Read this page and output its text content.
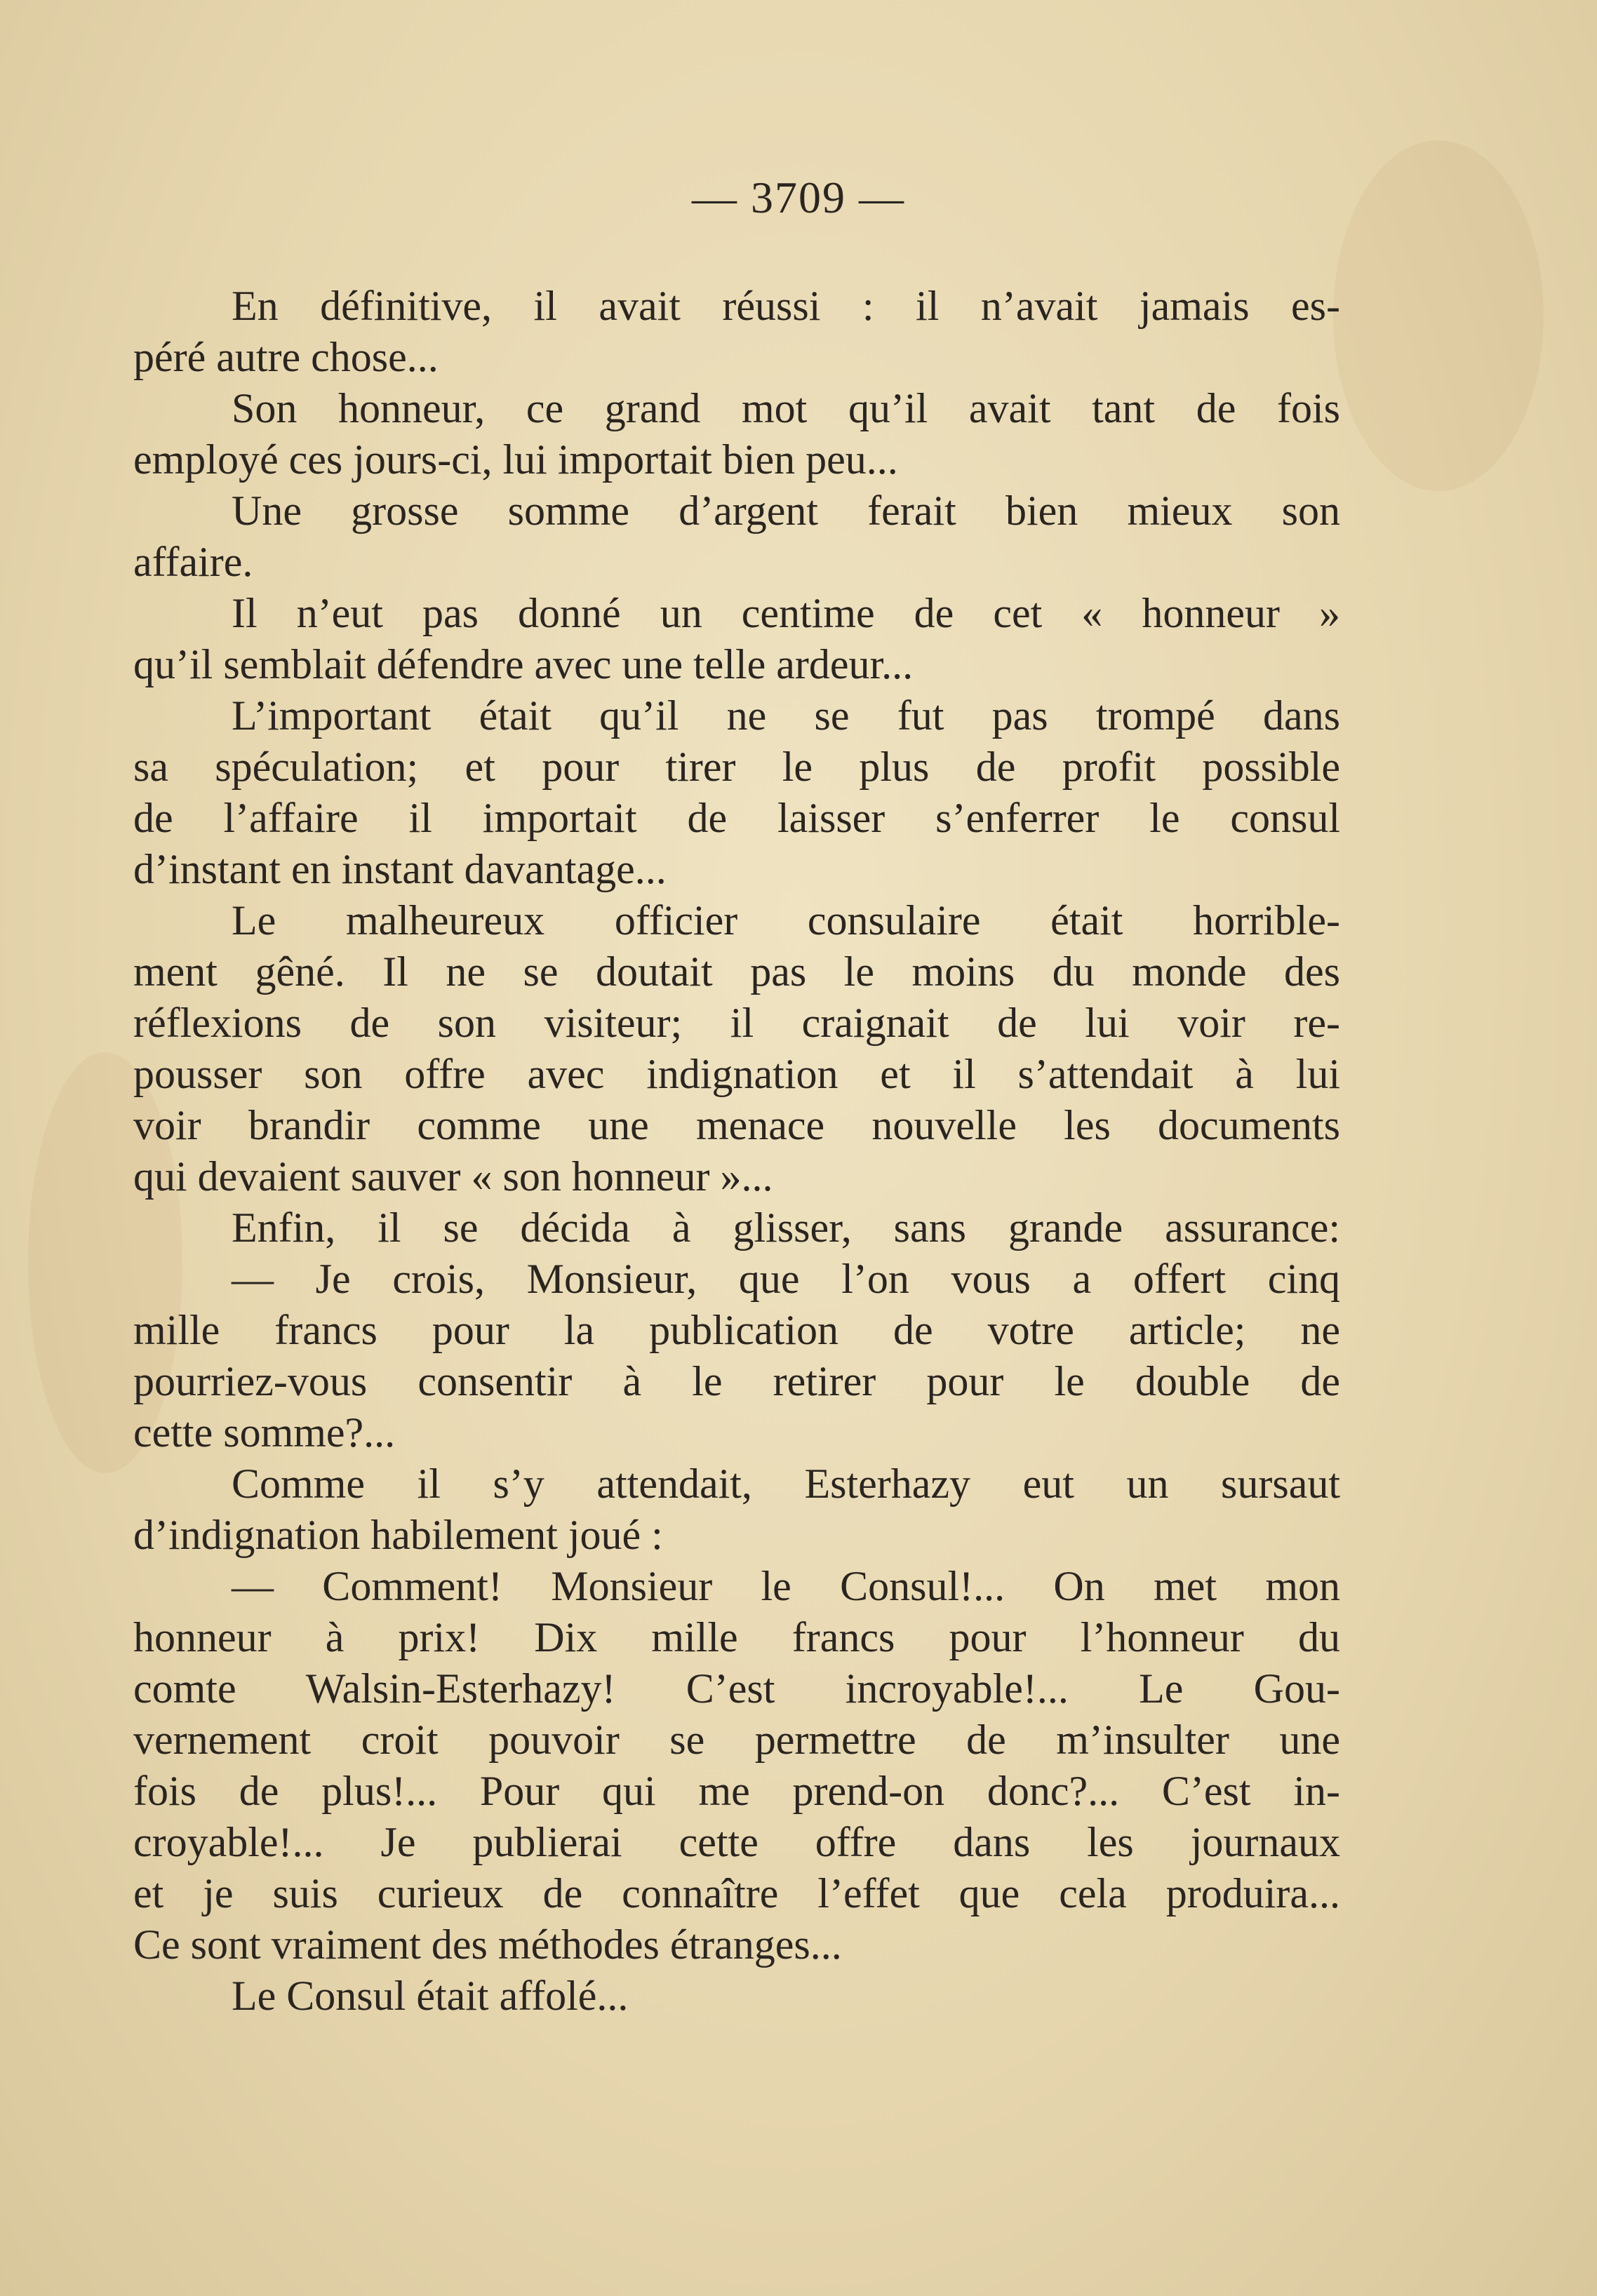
— 3709 —
En définitive, il avait réussi : il n’avait jamais es-
péré autre chose...
Son honneur, ce grand mot qu’il avait tant de fois
employé ces jours-ci, lui importait bien peu...
Une grosse somme d’argent ferait bien mieux son
affaire.
Il n’eut pas donné un centime de cet « honneur »
qu’il semblait défendre avec une telle ardeur...
L’important était qu’il ne se fut pas trompé dans
sa spéculation; et pour tirer le plus de profit possible
de l’affaire il importait de laisser s’enferrer le consul
d’instant en instant davantage...
Le malheureux officier consulaire était horrible-
ment gêné. Il ne se doutait pas le moins du monde des
réflexions de son visiteur; il craignait de lui voir re-
pousser son offre avec indignation et il s’attendait à lui
voir brandir comme une menace nouvelle les documents
qui devaient sauver « son honneur »...
Enfin, il se décida à glisser, sans grande assurance:
— Je crois, Monsieur, que l’on vous a offert cinq
mille francs pour la publication de votre article; ne
pourriez-vous consentir à le retirer pour le double de
cette somme?...
Comme il s’y attendait, Esterhazy eut un sursaut
d’indignation habilement joué :
— Comment! Monsieur le Consul!... On met mon
honneur à prix! Dix mille francs pour l’honneur du
comte Walsin-Esterhazy! C’est incroyable!... Le Gou-
vernement croit pouvoir se permettre de m’insulter une
fois de plus!... Pour qui me prend-on donc?... C’est in-
croyable!... Je publierai cette offre dans les journaux
et je suis curieux de connaître l’effet que cela produira...
Ce sont vraiment des méthodes étranges...
Le Consul était affolé...
